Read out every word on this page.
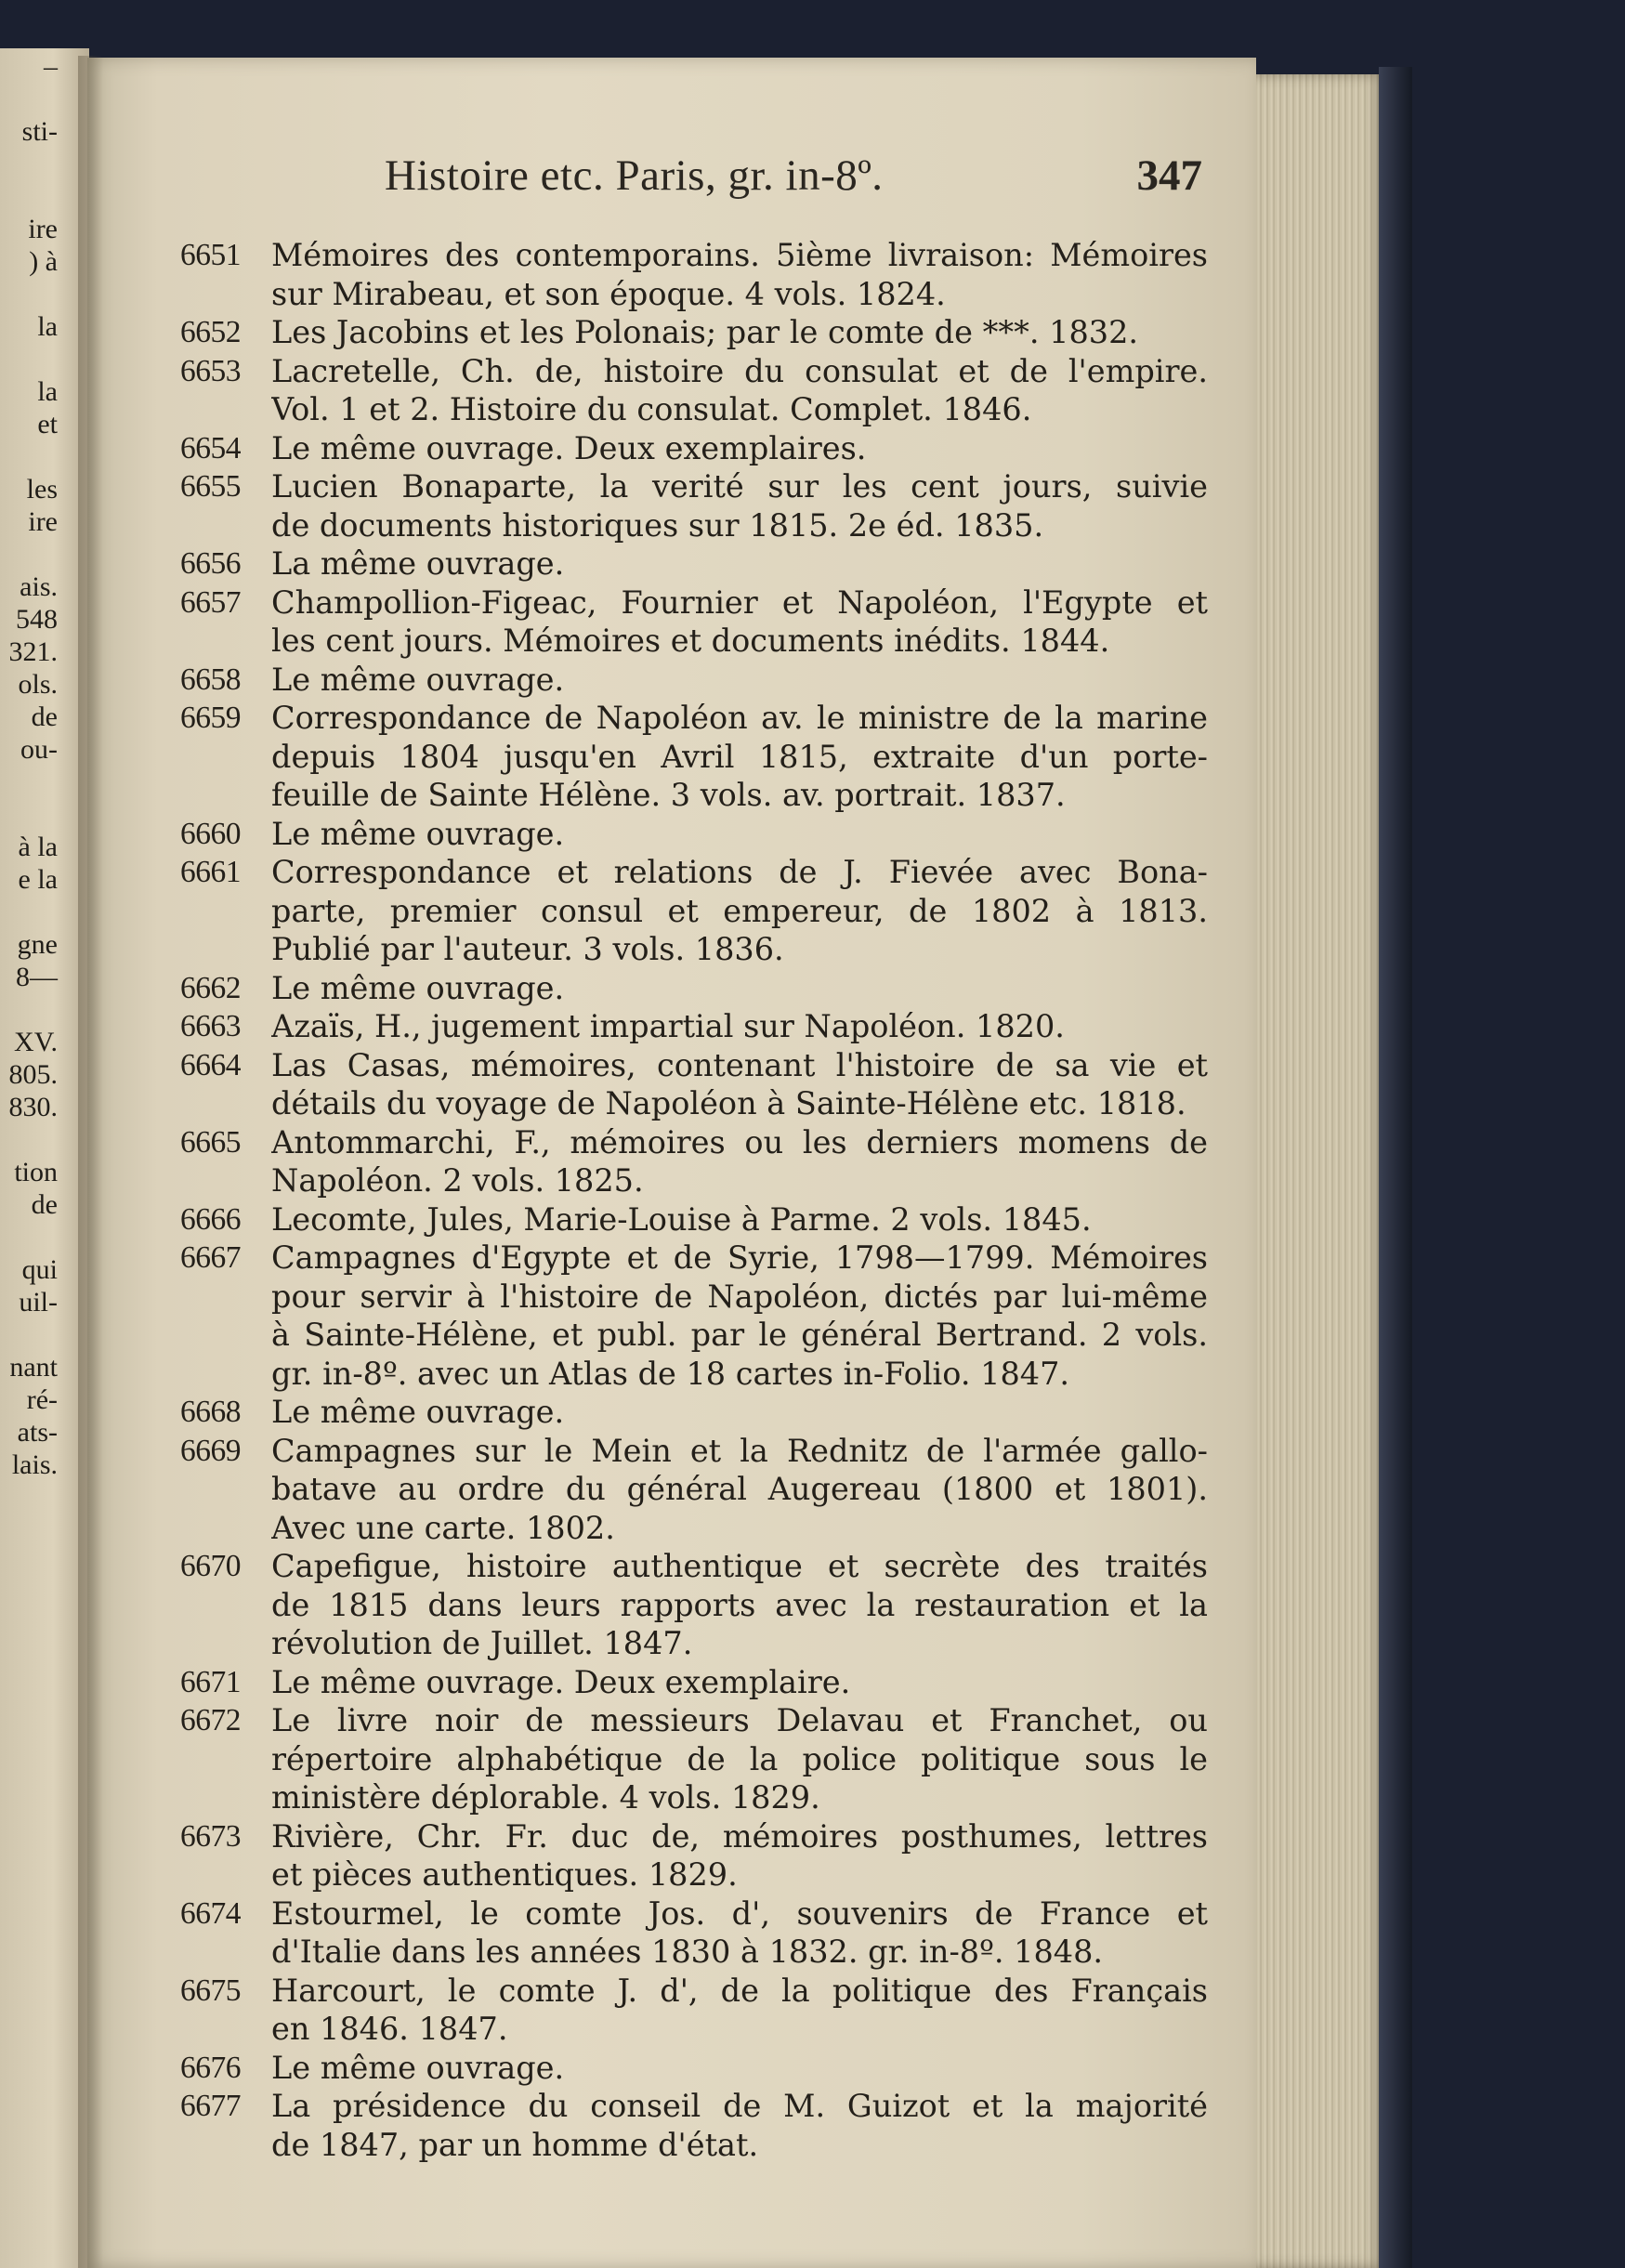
–

sti-

ire
) à

la

la
et

les
ire

ais.
548
321.
ols.
de
ou-

à la
e la

gne
8—

XV.
805.
830.

tion
de

qui
uil-

nant
ré-
ats-
lais.
Histoire etc. Paris, gr. in-8º.	347
6651 Mémoires des contemporains. 5ième livraison: Mémoires
sur Mirabeau, et son époque. 4 vols. 1824.
6652 Les Jacobins et les Polonais; par le comte de ***. 1832.
6653 Lacretelle, Ch. de, histoire du consulat et de l'empire.
Vol. 1 et 2. Histoire du consulat. Complet. 1846.
6654 Le même ouvrage. Deux exemplaires.
6655 Lucien Bonaparte, la verité sur les cent jours, suivie
de documents historiques sur 1815. 2e éd. 1835.
6656 La même ouvrage.
6657 Champollion-Figeac, Fournier et Napoléon, l'Egypte et
les cent jours. Mémoires et documents inédits. 1844.
6658 Le même ouvrage.
6659 Correspondance de Napoléon av. le ministre de la marine
depuis 1804 jusqu'en Avril 1815, extraite d'un porte-
feuille de Sainte Hélène. 3 vols. av. portrait. 1837.
6660 Le même ouvrage.
6661 Correspondance et relations de J. Fievée avec Bona-
parte, premier consul et empereur, de 1802 à 1813.
Publié par l'auteur. 3 vols. 1836.
6662 Le même ouvrage.
6663 Azaïs, H., jugement impartial sur Napoléon. 1820.
6664 Las Casas, mémoires, contenant l'histoire de sa vie et
détails du voyage de Napoléon à Sainte-Hélène etc. 1818.
6665 Antommarchi, F., mémoires ou les derniers momens de
Napoléon. 2 vols. 1825.
6666 Lecomte, Jules, Marie-Louise à Parme. 2 vols. 1845.
6667 Campagnes d'Egypte et de Syrie, 1798—1799. Mémoires
pour servir à l'histoire de Napoléon, dictés par lui-même
à Sainte-Hélène, et publ. par le général Bertrand. 2 vols.
gr. in-8º. avec un Atlas de 18 cartes in-Folio. 1847.
6668 Le même ouvrage.
6669 Campagnes sur le Mein et la Rednitz de l'armée gallo-
batave au ordre du général Augereau (1800 et 1801).
Avec une carte. 1802.
6670 Capefigue, histoire authentique et secrète des traités
de 1815 dans leurs rapports avec la restauration et la
révolution de Juillet. 1847.
6671 Le même ouvrage. Deux exemplaire.
6672 Le livre noir de messieurs Delavau et Franchet, ou
répertoire alphabétique de la police politique sous le
ministère déplorable. 4 vols. 1829.
6673 Rivière, Chr. Fr. duc de, mémoires posthumes, lettres
et pièces authentiques. 1829.
6674 Estourmel, le comte Jos. d', souvenirs de France et
d'Italie dans les années 1830 à 1832. gr. in-8º. 1848.
6675 Harcourt, le comte J. d', de la politique des Français
en 1846. 1847.
6676 Le même ouvrage.
6677 La présidence du conseil de M. Guizot et la majorité
de 1847, par un homme d'état.
